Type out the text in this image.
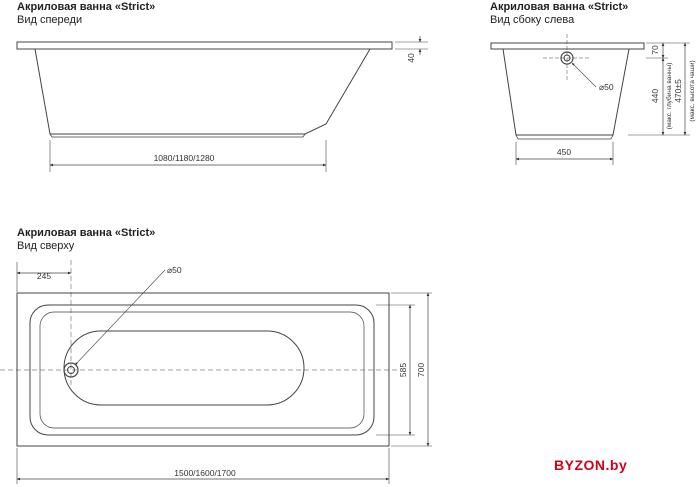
Акриловая ванна «Strict»
Вид спереди
Акриловая ванна «Strict»
Вид сбоку слева
Акриловая ванна «Strict»
Вид сверху
1080/1180/1280
40
450
⌀50
70
440 (макс. глубина ванны) 470±5 (макс. высота чаши)
245
⌀50
585 700
1500/1600/1700	BYZON.by
